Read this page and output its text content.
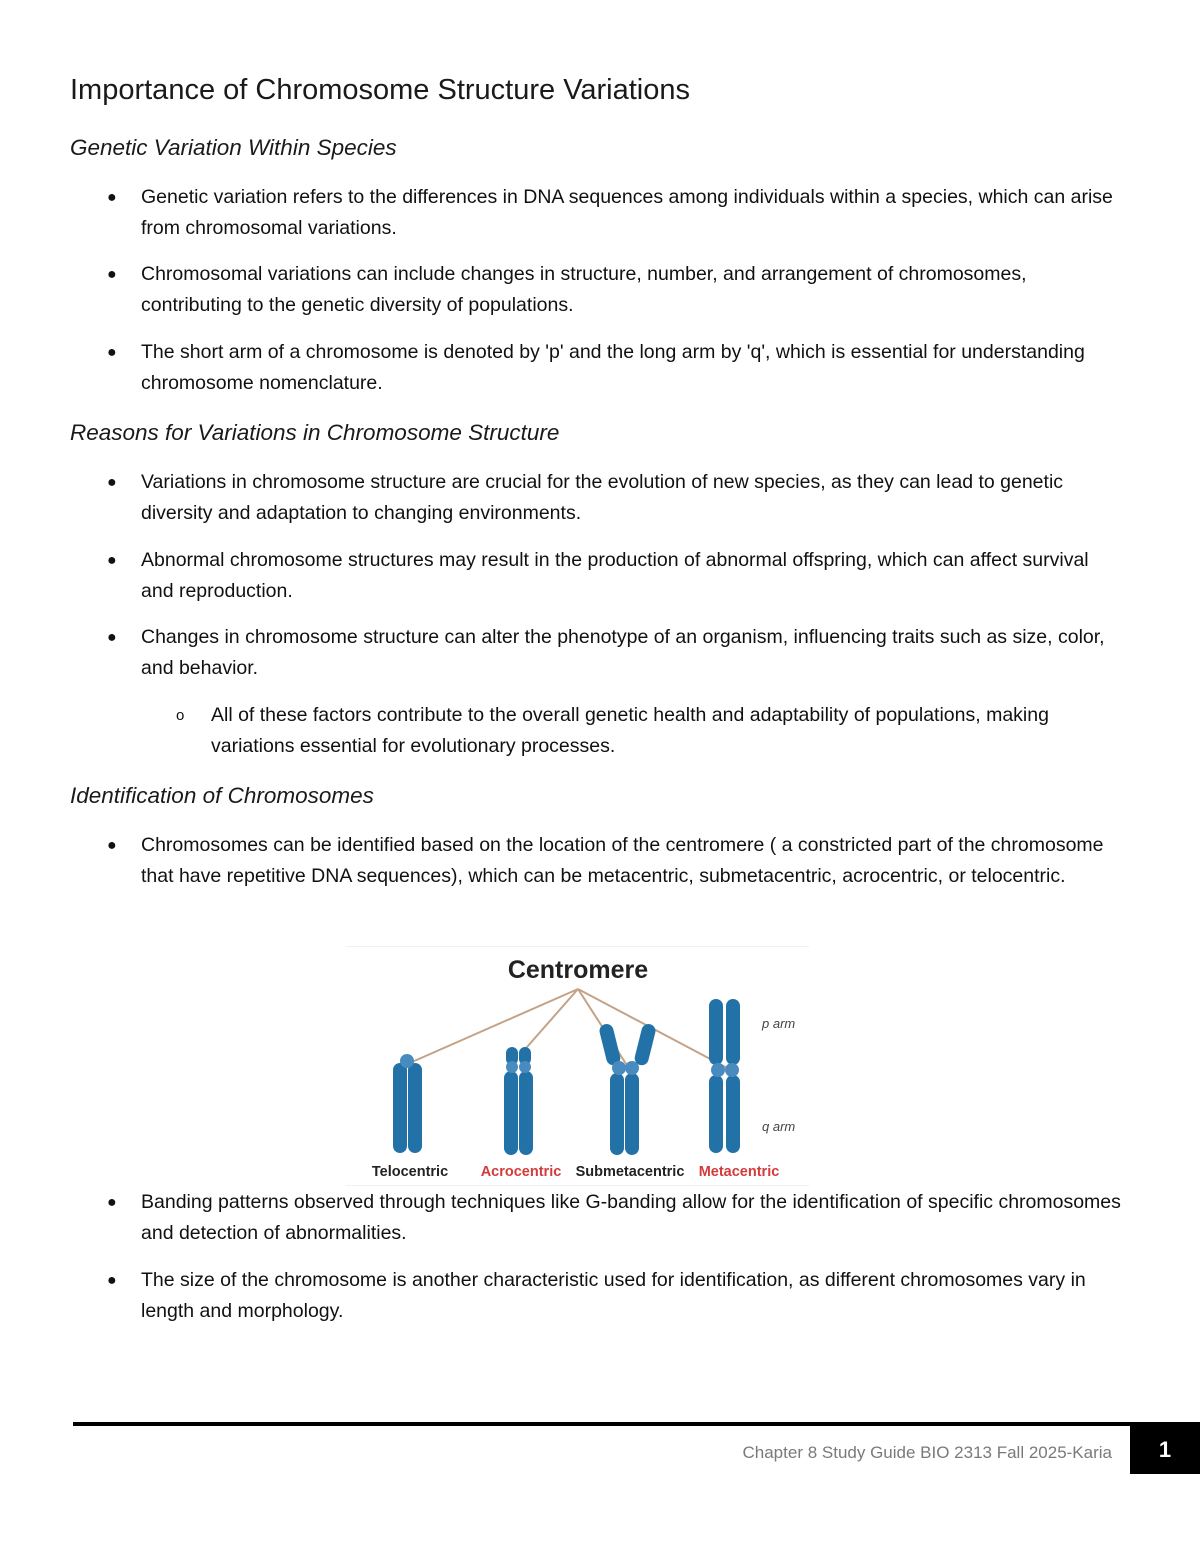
Importance of Chromosome Structure Variations
Genetic Variation Within Species
● Genetic variation refers to the differences in DNA sequences among individuals within a species, which can arise from chromosomal variations.
● Chromosomal variations can include changes in structure, number, and arrangement of chromosomes, contributing to the genetic diversity of populations.
● The short arm of a chromosome is denoted by 'p' and the long arm by 'q', which is essential for understanding chromosome nomenclature.
Reasons for Variations in Chromosome Structure
● Variations in chromosome structure are crucial for the evolution of new species, as they can lead to genetic diversity and adaptation to changing environments.
● Abnormal chromosome structures may result in the production of abnormal offspring, which can affect survival and reproduction.
● Changes in chromosome structure can alter the phenotype of an organism, influencing traits such as size, color, and behavior.
o All of these factors contribute to the overall genetic health and adaptability of populations, making variations essential for evolutionary processes.
Identification of Chromosomes
● Chromosomes can be identified based on the location of the centromere ( a constricted part of the chromosome that have repetitive DNA sequences), which can be metacentric, submetacentric, acrocentric, or telocentric.
Centromere
p arm
q arm
Telocentric Acrocentric Submetacentric Metacentric
● Banding patterns observed through techniques like G-banding allow for the identification of specific chromosomes and detection of abnormalities.
● The size of the chromosome is another characteristic used for identification, as different chromosomes vary in length and morphology.
Chapter 8 Study Guide BIO 2313 Fall 2025-Karia	1
